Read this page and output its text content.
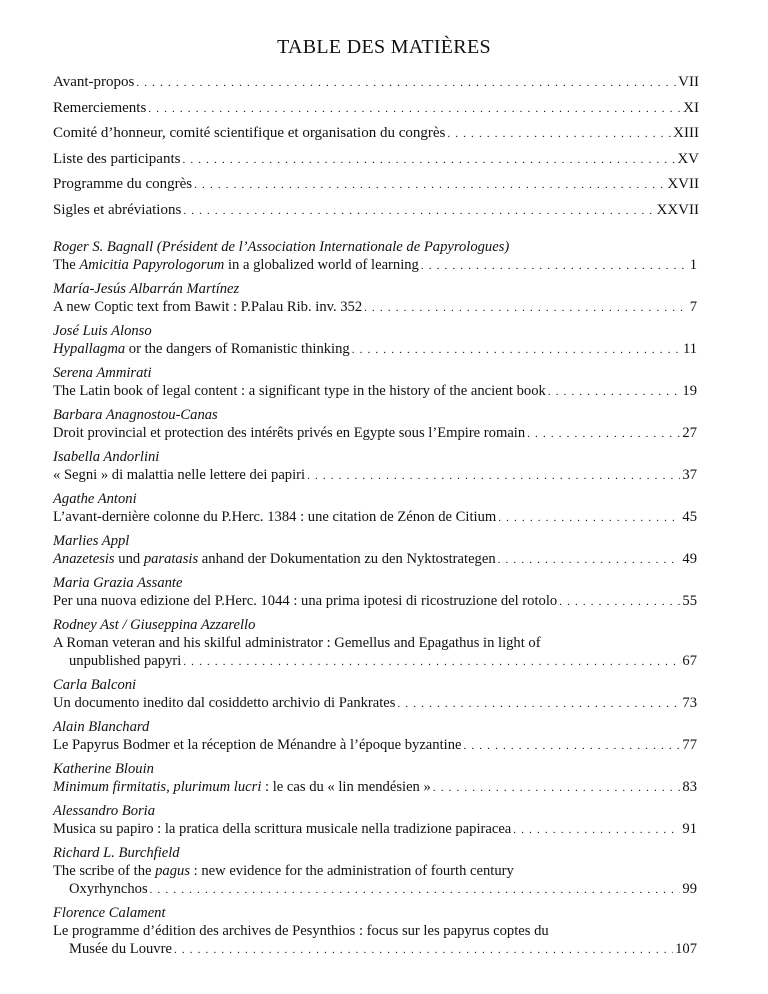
TABLE DES MATIÈRES
Avant-propos . . .	VII
Remerciements . . .	XI
Comité d’honneur, comité scientifique et organisation du congrès . . .	XIII
Liste des participants . . .	XV
Programme du congrès . . .	XVII
Sigles et abréviations . . .	XXVII
Roger S. Bagnall (Président de l’Association Internationale de Papyrologues)
The Amicitia Papyrologorum in a globalized world of learning . . .	1
María-Jesús Albarrán Martínez
A new Coptic text from Bawit : P.Palau Rib. inv. 352 . . .	7
José Luis Alonso
Hypallagma or the dangers of Romanistic thinking . . .	11
Serena Ammirati
The Latin book of legal content : a significant type in the history of the ancient book . . .	19
Barbara Anagnostou-Canas
Droit provincial et protection des intérêts privés en Egypte sous l’Empire romain . . .	27
Isabella Andorlini
« Segni » di malattia nelle lettere dei papiri . . .	37
Agathe Antoni
L’avant-dernière colonne du P.Herc. 1384 : une citation de Zénon de Citium . . .	45
Marlies Appl
Anazetesis und paratasis anhand der Dokumentation zu den Nyktostrategen . . .	49
Maria Grazia Assante
Per una nuova edizione del P.Herc. 1044 : una prima ipotesi di ricostruzione del rotolo . . .	55
Rodney Ast / Giuseppina Azzarello
A Roman veteran and his skilful administrator : Gemellus and Epagathus in light of
unpublished papyri . . .	67
Carla Balconi
Un documento inedito dal cosiddetto archivio di Pankrates . . .	73
Alain Blanchard
Le Papyrus Bodmer et la réception de Ménandre à l’époque byzantine . . .	77
Katherine Blouin
Minimum firmitatis, plurimum lucri : le cas du « lin mendésien » . . .	83
Alessandro Boria
Musica su papiro : la pratica della scrittura musicale nella tradizione papiracea . . .	91
Richard L. Burchfield
The scribe of the pagus : new evidence for the administration of fourth century
Oxyrhynchos . . .	99
Florence Calament
Le programme d’édition des archives de Pesynthios : focus sur les papyrus coptes du
Musée du Louvre . . .	107
